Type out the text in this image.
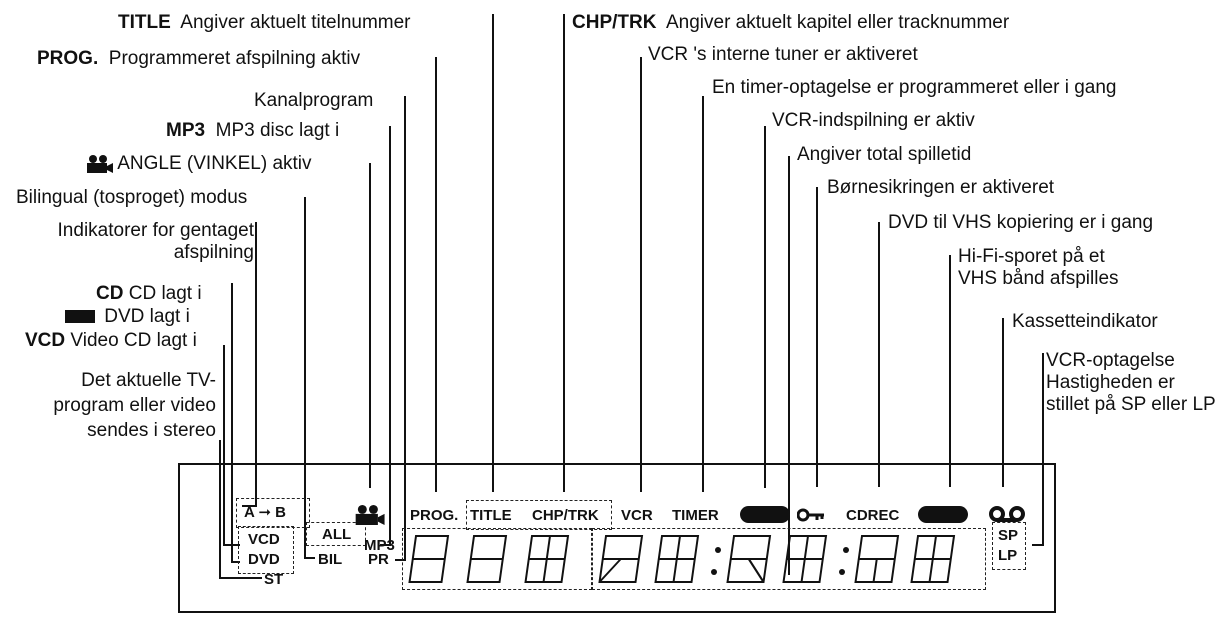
TITLE Angiver aktuelt titelnummer	CHP/TRK Angiver aktuelt kapitel eller tracknummer
PROG. Programmeret afspilning aktiv	VCR 's interne tuner er aktiveret
En timer-optagelse er programmeret eller i gang
Kanalprogram
VCR-indspilning er aktiv
MP3 MP3 disc lagt i
Angiver total spilletid
ANGLE (VINKEL) aktiv
Børnesikringen er aktiveret
Bilingual (tosproget) modus
DVD til VHS kopiering er i gang
Indikatorer for gentaget afspilning	Hi-Fi-sporet på et VHS bånd afspilles
CD CD lagt i
DVD lagt i	Kassetteindikator
VCD Video CD lagt i
VCR-optagelse Hastigheden er stillet på SP eller LP
Det aktuelle TV-program eller video sendes i stereo
A ➞ B
ALL
MP3
VCD
DVD
ST
BIL PR
PROG. TITLE CHP/TRK VCR TIMER	CDREC
SP
LP
